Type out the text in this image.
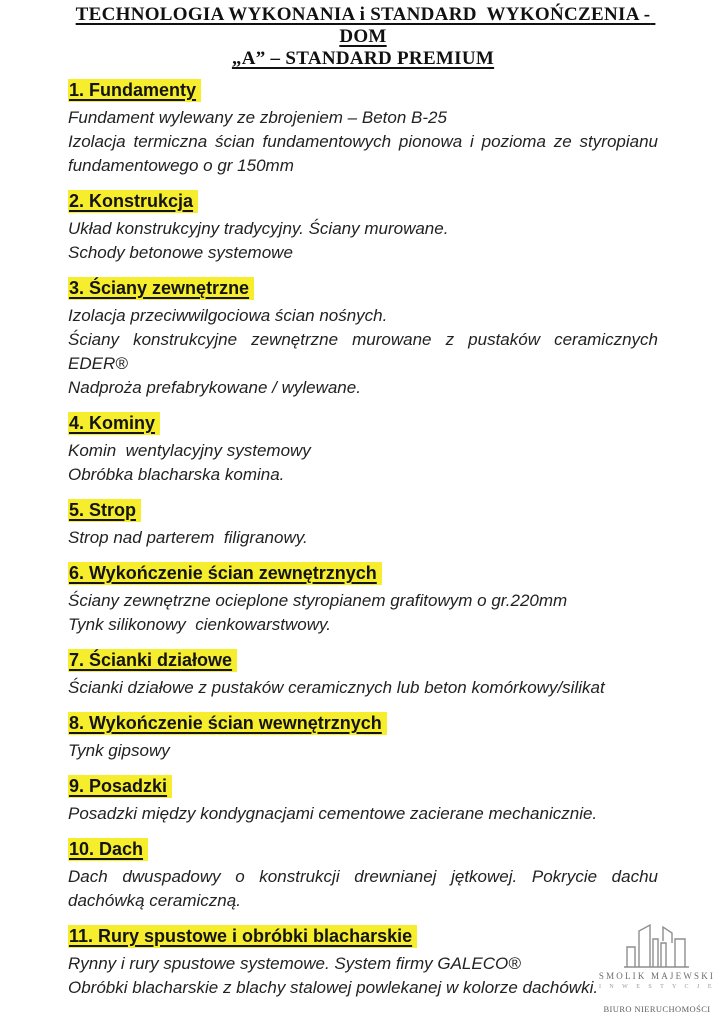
TECHNOLOGIA WYKONANIA i STANDARD  WYKOŃCZENIA - DOM
„A” – STANDARD PREMIUM
1. Fundamenty

Fundament wylewany ze zbrojeniem – Beton B-25

Izolacja termiczna ścian fundamentowych pionowa i pozioma ze styropianu fundamentowego o gr 150mm

2. Konstrukcja

Układ konstrukcyjny tradycyjny. Ściany murowane.

Schody betonowe systemowe

3. Ściany zewnętrzne

Izolacja przeciwwilgociowa ścian nośnych.

Ściany konstrukcyjne zewnętrzne murowane z pustaków ceramicznych EDER®

Nadproża prefabrykowane / wylewane.

4. Kominy

Komin  wentylacyjny systemowy

Obróbka blacharska komina.

5. Strop

Strop nad parterem  filigranowy.

6. Wykończenie ścian zewnętrznych

Ściany zewnętrzne ocieplone styropianem grafitowym o gr.220mm

Tynk silikonowy  cienkowarstwowy.

7. Ścianki działowe

Ścianki działowe z pustaków ceramicznych lub beton komórkowy/silikat

8. Wykończenie ścian wewnętrznych

Tynk gipsowy

9. Posadzki

Posadzki między kondygnacjami cementowe zacierane mechanicznie.

10. Dach

Dach dwuspadowy o konstrukcji drewnianej jętkowej. Pokrycie dachu dachówką ceramiczną.

11. Rury spustowe i obróbki blacharskie

Rynny i rury spustowe systemowe. System firmy GALECO®

Obróbki blacharskie z blachy stalowej powlekanej w kolorze dachówki.

SMOLIK MAJEWSKI
I N W E S T Y C J E
BIURO NIERUCHOMOŚCI
